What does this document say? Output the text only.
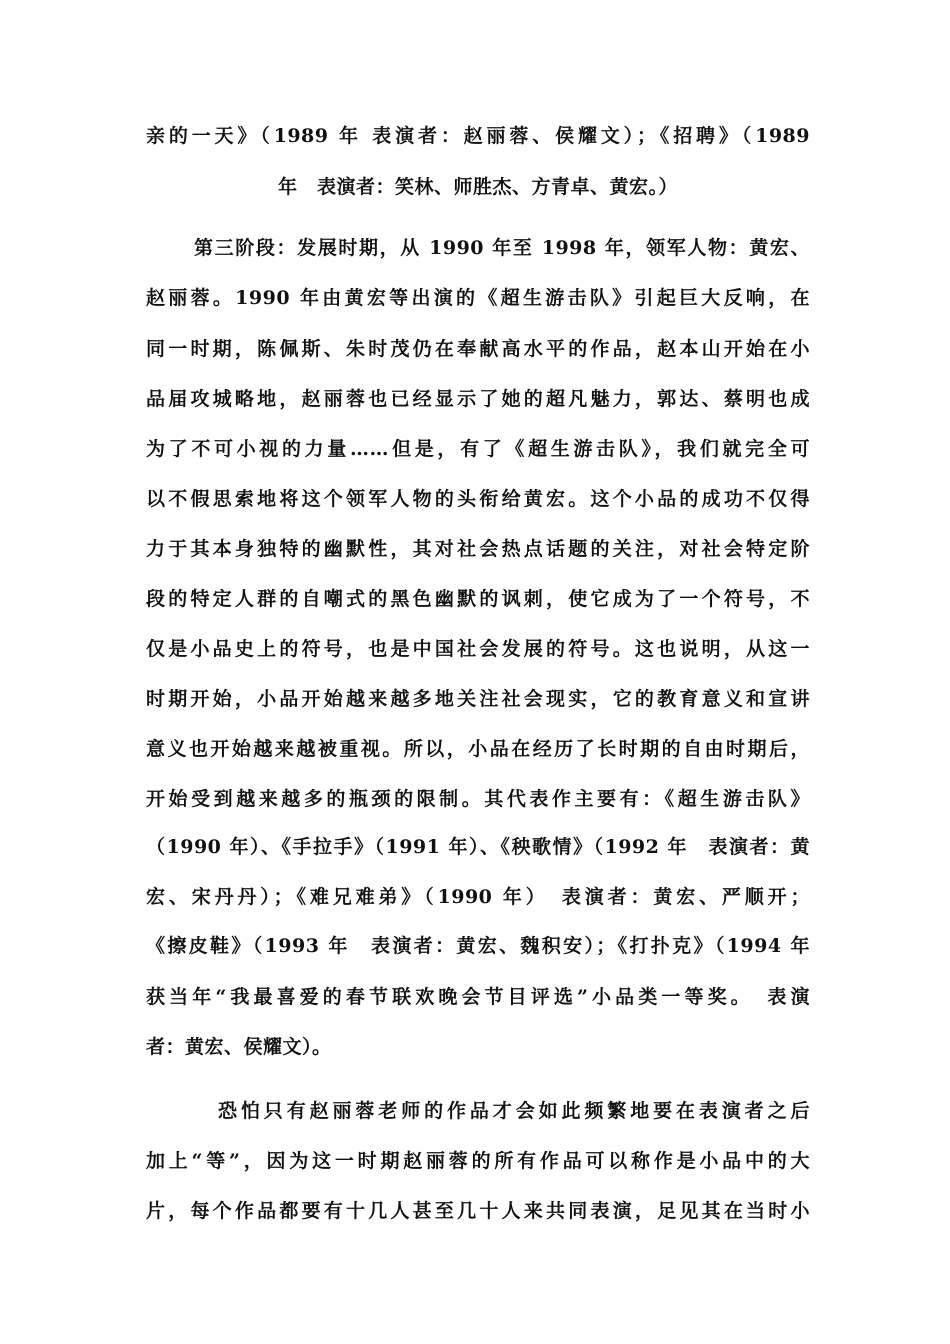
亲的一天》（1989 年 表演者：赵丽蓉、侯耀文）；《招聘》（1989
年　表演者：笑林、师胜杰、方青卓、黄宏。）
第三阶段：发展时期，从 1990 年至 1998 年，领军人物：黄宏、
赵丽蓉。1990 年由黄宏等出演的《超生游击队》引起巨大反响，在
同一时期，陈佩斯、朱时茂仍在奉献高水平的作品，赵本山开始在小
品届攻城略地，赵丽蓉也已经显示了她的超凡魅力，郭达、蔡明也成
为了不可小视的力量……但是，有了《超生游击队》，我们就完全可
以不假思索地将这个领军人物的头衔给黄宏。这个小品的成功不仅得
力于其本身独特的幽默性，其对社会热点话题的关注，对社会特定阶
段的特定人群的自嘲式的黑色幽默的讽刺，使它成为了一个符号，不
仅是小品史上的符号，也是中国社会发展的符号。这也说明，从这一
时期开始，小品开始越来越多地关注社会现实，它的教育意义和宣讲
意义也开始越来越被重视。所以，小品在经历了长时期的自由时期后，
开始受到越来越多的瓶颈的限制。其代表作主要有：《超生游击队》
（1990 年）、《手拉手》（1991 年）、《秧歌情》（1992 年　表演者：黄
宏、宋丹丹）；《难兄难弟》（1990 年）　表演者：黄宏、严顺开；
《擦皮鞋》（1993 年　表演者：黄宏、魏积安）；《打扑克》（1994 年
获当年“我最喜爱的春节联欢晚会节目评选”小品类一等奖。　表演
者：黄宏、侯耀文）。
恐怕只有赵丽蓉老师的作品才会如此频繁地要在表演者之后
加上“等”，因为这一时期赵丽蓉的所有作品可以称作是小品中的大
片，每个作品都要有十几人甚至几十人来共同表演，足见其在当时小
